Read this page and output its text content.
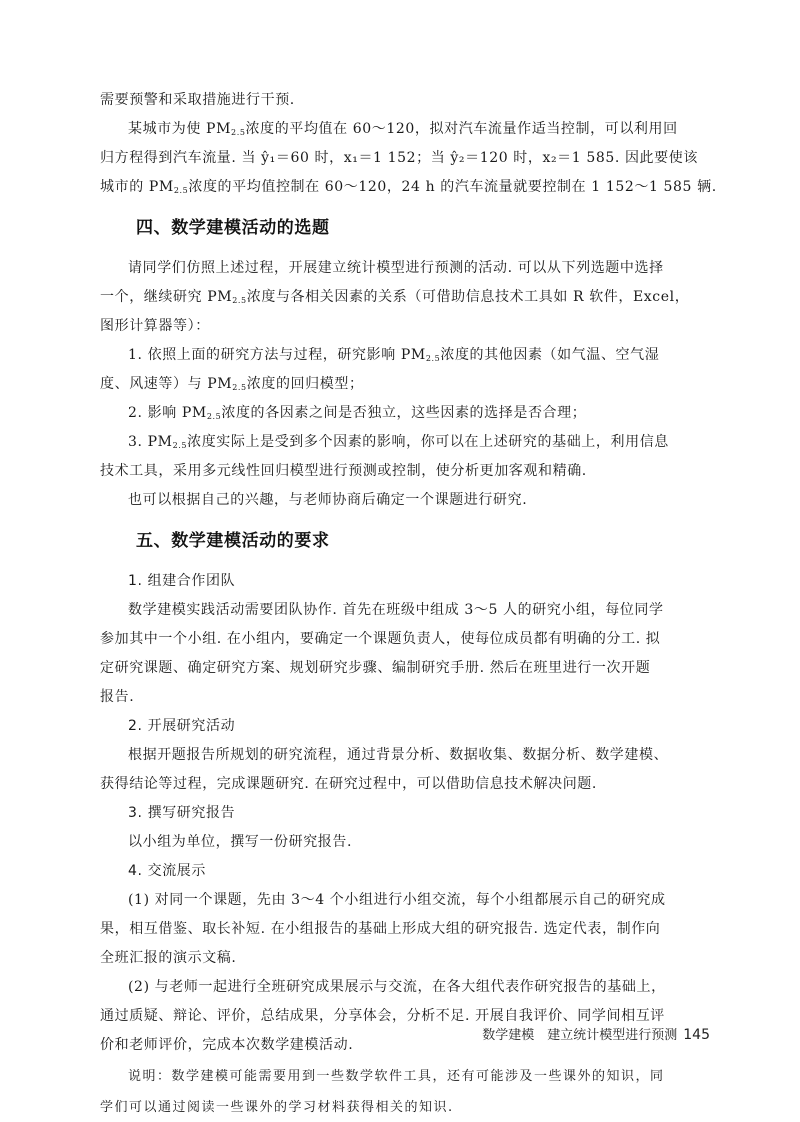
需要预警和采取措施进行干预.
某城市为使 $PM_{2.5}$浓度的平均值在 60～120，拟对汽车流量作适当控制，可以利用回
归方程得到汽车流量. 当 ŷ₁＝60 时，x₁＝1 152；当 ŷ₂＝120 时，x₂＝1 585. 因此要使该
城市的 $PM_{2.5}$浓度的平均值控制在 60～120，24 h 的汽车流量就要控制在 1 152～1 585 辆.
四、数学建模活动的选题
请同学们仿照上述过程，开展建立统计模型进行预测的活动. 可以从下列选题中选择
一个，继续研究 $PM_{2.5}$浓度与各相关因素的关系（可借助信息技术工具如 R 软件，Excel，
图形计算器等）：
1. 依照上面的研究方法与过程，研究影响 $PM_{2.5}$浓度的其他因素（如气温、空气湿
度、风速等）与 $PM_{2.5}$浓度的回归模型；
2. 影响 $PM_{2.5}$浓度的各因素之间是否独立，这些因素的选择是否合理；
3. $PM_{2.5}$浓度实际上是受到多个因素的影响，你可以在上述研究的基础上，利用信息
技术工具，采用多元线性回归模型进行预测或控制，使分析更加客观和精确.
也可以根据自己的兴趣，与老师协商后确定一个课题进行研究.
五、数学建模活动的要求
1. 组建合作团队
数学建模实践活动需要团队协作. 首先在班级中组成 3～5 人的研究小组，每位同学
参加其中一个小组. 在小组内，要确定一个课题负责人，使每位成员都有明确的分工. 拟
定研究课题、确定研究方案、规划研究步骤、编制研究手册. 然后在班里进行一次开题
报告.
2. 开展研究活动
根据开题报告所规划的研究流程，通过背景分析、数据收集、数据分析、数学建模、
获得结论等过程，完成课题研究. 在研究过程中，可以借助信息技术解决问题.
3. 撰写研究报告
以小组为单位，撰写一份研究报告.
4. 交流展示
(1) 对同一个课题，先由 3～4 个小组进行小组交流，每个小组都展示自己的研究成
果，相互借鉴、取长补短. 在小组报告的基础上形成大组的研究报告. 选定代表，制作向
全班汇报的演示文稿.
(2) 与老师一起进行全班研究成果展示与交流，在各大组代表作研究报告的基础上，
通过质疑、辩论、评价，总结成果，分享体会，分析不足. 开展自我评价、同学间相互评
价和老师评价，完成本次数学建模活动.
说明：数学建模可能需要用到一些数学软件工具，还有可能涉及一些课外的知识，同
学们可以通过阅读一些课外的学习材料获得相关的知识.
数学建模　建立统计模型进行预测 145
